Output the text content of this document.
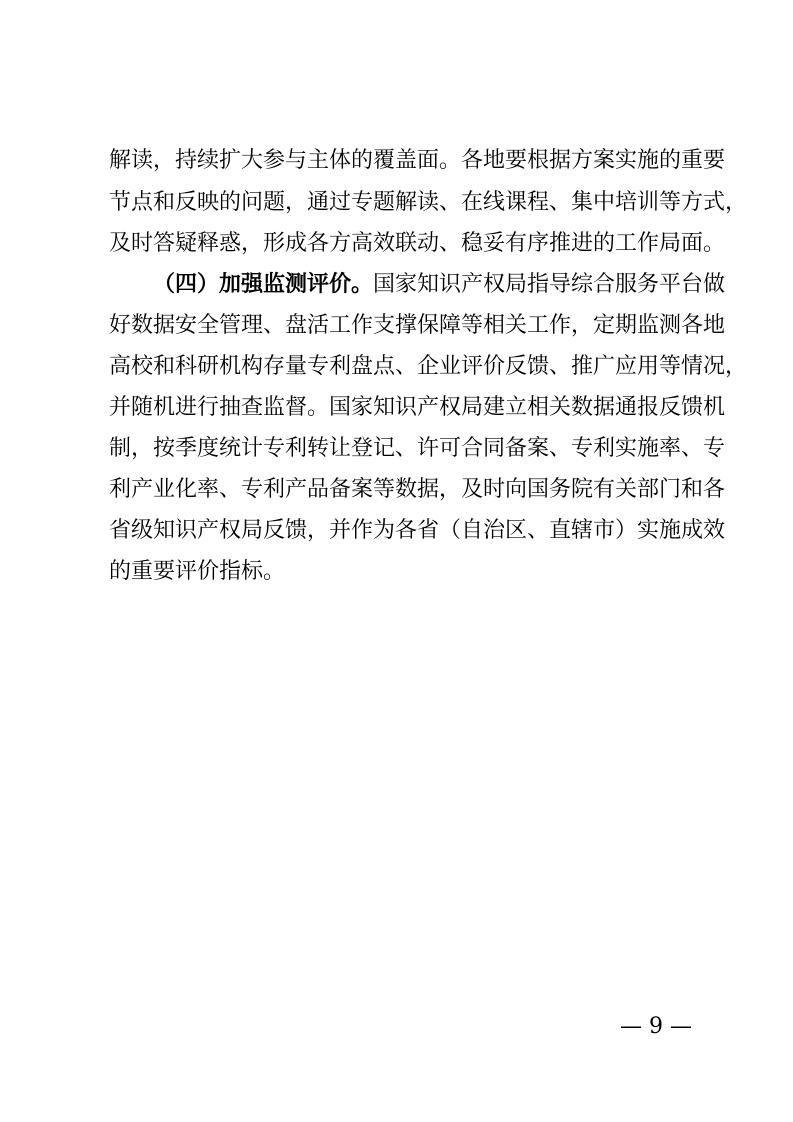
解读，持续扩大参与主体的覆盖面。各地要根据方案实施的重要
节点和反映的问题，通过专题解读、在线课程、集中培训等方式，
及时答疑释惑，形成各方高效联动、稳妥有序推进的工作局面。
（四）加强监测评价。国家知识产权局指导综合服务平台做
好数据安全管理、盘活工作支撑保障等相关工作，定期监测各地
高校和科研机构存量专利盘点、企业评价反馈、推广应用等情况，
并随机进行抽查监督。国家知识产权局建立相关数据通报反馈机
制，按季度统计专利转让登记、许可合同备案、专利实施率、专
利产业化率、专利产品备案等数据，及时向国务院有关部门和各
省级知识产权局反馈，并作为各省（自治区、直辖市）实施成效
的重要评价指标。
— 9 —
